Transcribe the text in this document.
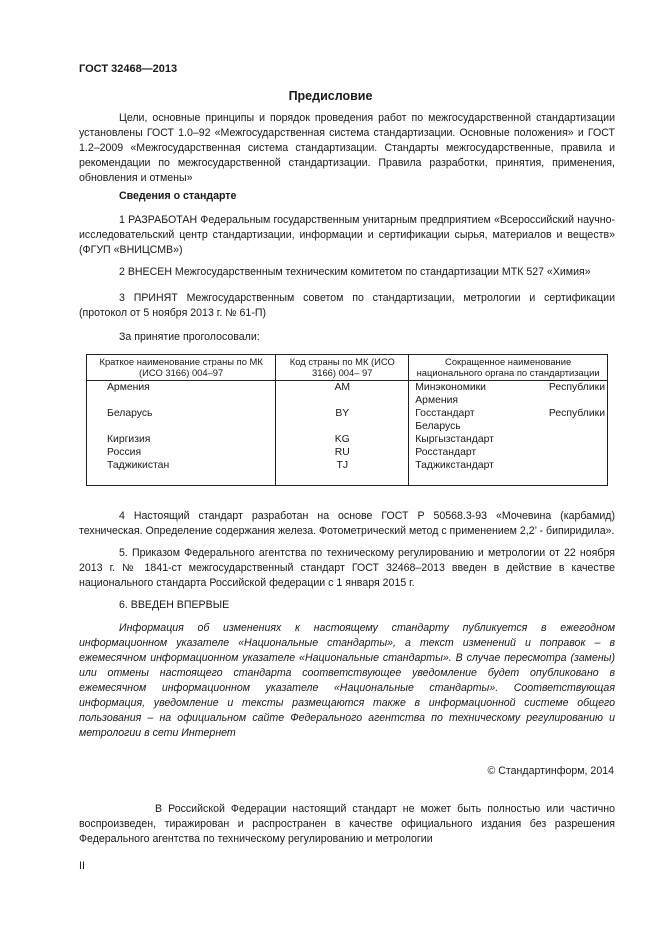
ГОСТ 32468—2013
Предисловие

Цели, основные принципы и порядок проведения работ по межгосударственной стандартизации установлены ГОСТ 1.0–92 «Межгосударственная система стандартизации. Основные положения» и ГОСТ 1.2–2009 «Межгосударственная система стандартизации. Стандарты межгосударственные, правила и рекомендации по межгосударственной стандартизации. Правила разработки, принятия, применения, обновления и отмены»

Сведения о стандарте

1 РАЗРАБОТАН Федеральным государственным унитарным предприятием «Всероссийский научно-исследовательский центр стандартизации, информации и сертификации сырья, материалов и веществ» (ФГУП «ВНИЦСМВ»)

2 ВНЕСЕН Межгосударственным техническим комитетом по стандартизации МТК 527 «Химия»

3 ПРИНЯТ Межгосударственным советом по стандартизации, метрологии и сертификации (протокол от 5 ноября 2013 г. № 61-П)

За принятие проголосовали:

Краткое наименование страны по МК (ИСО 3166) 004–97	Код страны по МК (ИСО 3166) 004– 97	Сокращенное наименование национального органа по стандартизации
Армения	AM	Минэкономики Республики
Армения

Беларусь	BY	Госстандарт Республики
Беларусь

Киргизия	KG	Кыргызстандарт
Россия	RU	Росстандарт
Таджикистан	TJ	Таджикстандарт

4 Настоящий стандарт разработан на основе ГОСТ Р 50568.3-93 «Мочевина (карбамид) техническая. Определение содержания железа. Фотометрический метод с применением 2,2’ - бипиридила».

5. Приказом Федерального агентства по техническому регулированию и метрологии от 22 ноября 2013 г. № 1841-ст межгосударственный стандарт ГОСТ 32468–2013 введен в действие в качестве национального стандарта Российской федерации с 1 января 2015 г.

6. ВВЕДЕН ВПЕРВЫЕ

Информация об изменениях к настоящему стандарту публикуется в ежегодном информационном указателе «Национальные стандарты», а текст изменений и поправок – в ежемесячном информационном указателе «Национальные стандарты». В случае пересмотра (замены) или отмены настоящего стандарта соответствующее уведомление будет опубликовано в ежемесячном информационном указателе «Национальные стандарты». Соответствующая информация, уведомление и тексты размещаются также в информационной системе общего пользования – на официальном сайте Федерального агентства по техническому регулированию и метрологии в сети Интернет

© Стандартинформ, 2014

В Российской Федерации настоящий стандарт не может быть полностью или частично воспроизведен, тиражирован и распространен в качестве официального издания без разрешения Федерального агентства по техническому регулированию и метрологии

II
